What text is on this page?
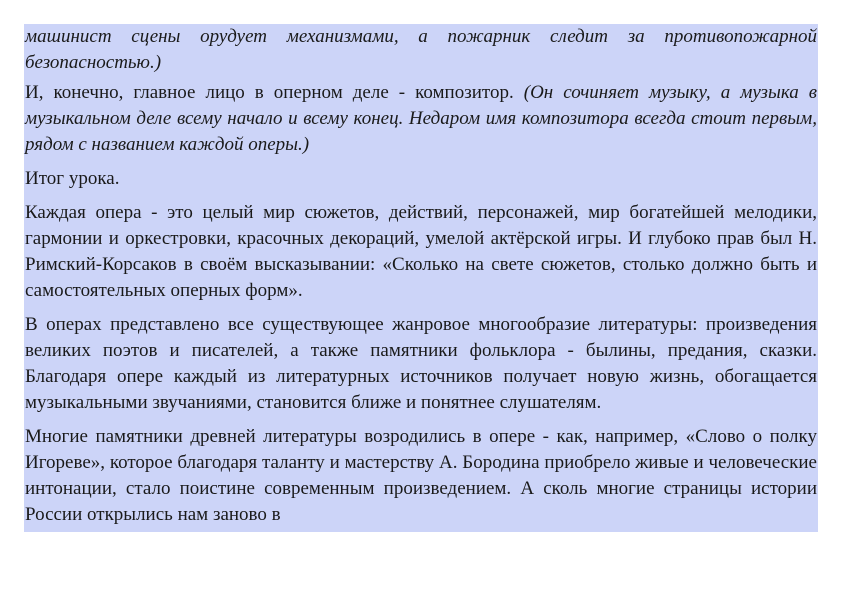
машинист сцены орудует механизмами, а пожарник следит за противопожарной безопасностью.)

И, конечно, главное лицо в оперном деле - композитор. (Он сочиняет музыку, а музыка в музыкальном деле всему начало и всему конец. Недаром имя композитора всегда стоит первым, рядом с названием каждой оперы.)

Итог урока.

Каждая опера - это целый мир сюжетов, действий, персонажей, мир богатейшей мелодики, гармонии и оркестровки, красочных декораций, умелой актёрской игры. И глубоко прав был Н. Римский-Корсаков в своём высказывании: «Сколько на свете сюжетов, столько должно быть и самостоятельных оперных форм».

В операх представлено все существующее жанровое многообразие литературы: произведения великих поэтов и писателей, а также памятники фольклора - былины, предания, сказки. Благодаря опере каждый из литературных источников получает новую жизнь, обогащается музыкальными звучаниями, становится ближе и понятнее слушателям.

Многие памятники древней литературы возродились в опере - как, например, «Слово о полку Игореве», которое благодаря таланту и мастерству А. Бородина приобрело живые и человеческие интонации, стало поистине современным произведением. А сколь многие страницы истории России открылись нам заново в
